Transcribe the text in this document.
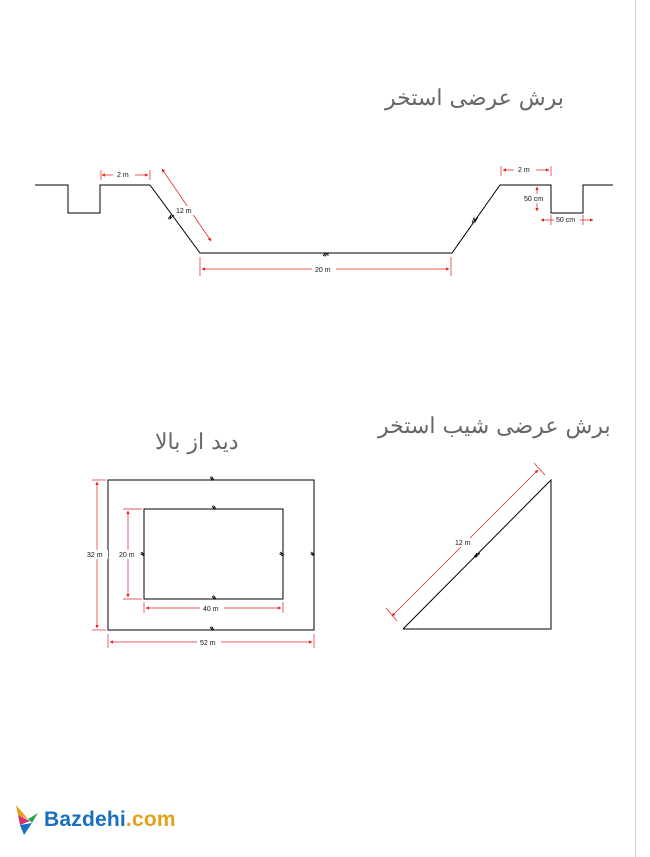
برش عرضی استخر
دید از بالا
برش عرضی شیب استخر
2 m
12 m
20 m
2 m
50 cm
50 cm
32 m 20 m
40 m
52 m
12 m
Bazdehi.com
